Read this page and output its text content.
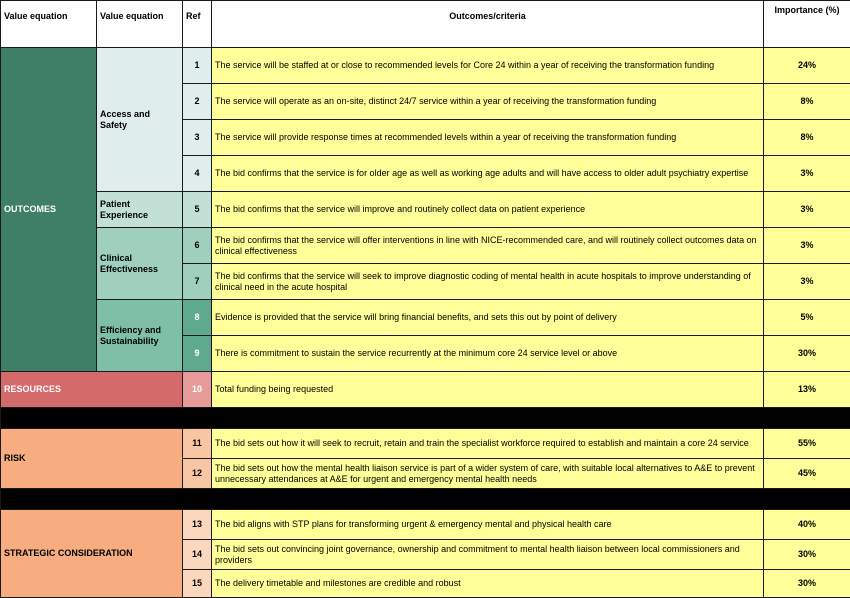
Value equation	Value equation	Ref	Outcomes/criteria	Importance (%)
OUTCOMES	Access and Safety	1	The service will be staffed at or close to recommended levels for Core 24 within a year of receiving the transformation funding	24%
		2	The service will operate as an on-site, distinct 24/7 service within a year of receiving the transformation funding	8%
		3	The service will provide response times at recommended levels within a year of receiving the transformation funding	8%
		4	The bid confirms that the service is for older age as well as working age adults and will have access to older adult psychiatry expertise	3%
	Patient Experience	5	The bid confirms that the service will improve and routinely collect data on patient experience	3%
	Clinical Effectiveness	6	The bid confirms that the service will offer interventions in line with NICE-recommended care, and will routinely collect outcomes data on clinical effectiveness	3%
		7	The bid confirms that the service will seek to improve diagnostic coding of mental health in acute hospitals to improve understanding of clinical need in the acute hospital	3%
	Efficiency and Sustainability	8	Evidence is provided that the service will bring financial benefits, and sets this out by point of delivery	5%
		9	There is commitment to sustain the service recurrently at the minimum core 24 service level or above	30%
RESOURCES		10	Total funding being requested	13%

RISK		11	The bid sets out how it will seek to recruit, retain and train the specialist workforce required to establish and maintain a core 24 service	55%
		12	The bid sets out how the mental health liaison service is part of a wider system of care, with suitable local alternatives to A&E to prevent unnecessary attendances at A&E for urgent and emergency mental health needs	45%

STRATEGIC CONSIDERATION		13	The bid aligns with STP plans for transforming urgent & emergency mental and physical health care	40%
		14	The bid sets out convincing joint governance, ownership and commitment to mental health liaison between local commissioners and providers	30%
		15	The delivery timetable and milestones are credible and robust	30%
